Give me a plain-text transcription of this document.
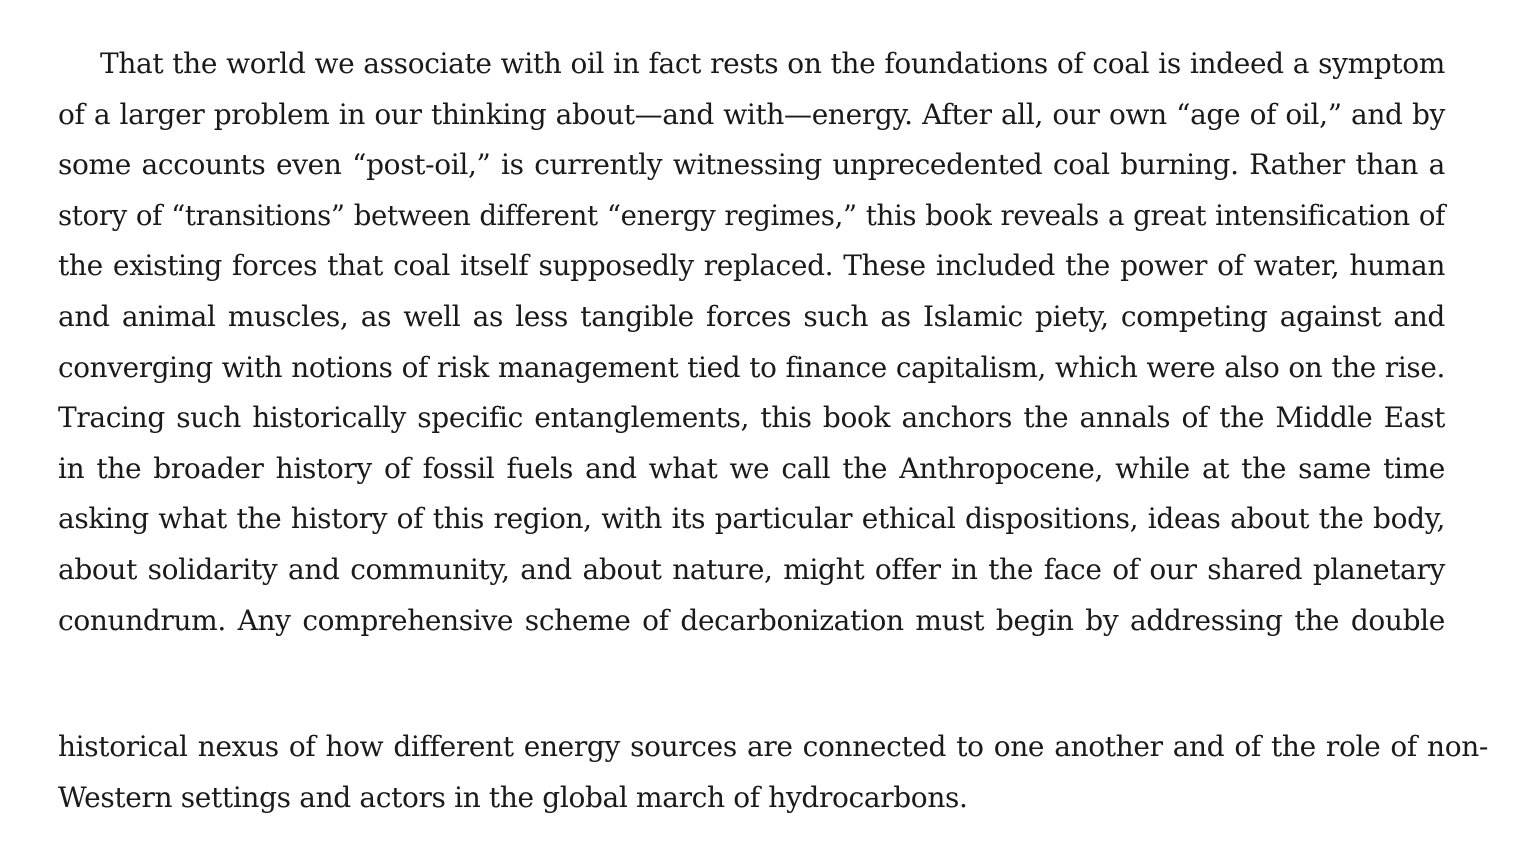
That the world we associate with oil in fact rests on the foundations of coal is indeed a symptom
of a larger problem in our thinking about—and with—energy. After all, our own “age of oil,” and by
some accounts even “post-oil,” is currently witnessing unprecedented coal burning. Rather than a
story of “transitions” between different “energy regimes,” this book reveals a great intensification of
the existing forces that coal itself supposedly replaced. These included the power of water, human
and animal muscles, as well as less tangible forces such as Islamic piety, competing against and
converging with notions of risk management tied to finance capitalism, which were also on the rise.
Tracing such historically specific entanglements, this book anchors the annals of the Middle East
in the broader history of fossil fuels and what we call the Anthropocene, while at the same time
asking what the history of this region, with its particular ethical dispositions, ideas about the body,
about solidarity and community, and about nature, might offer in the face of our shared planetary
conundrum. Any comprehensive scheme of decarbonization must begin by addressing the double
historical nexus of how different energy sources are connected to one another and of the role of non-
Western settings and actors in the global march of hydrocarbons.
